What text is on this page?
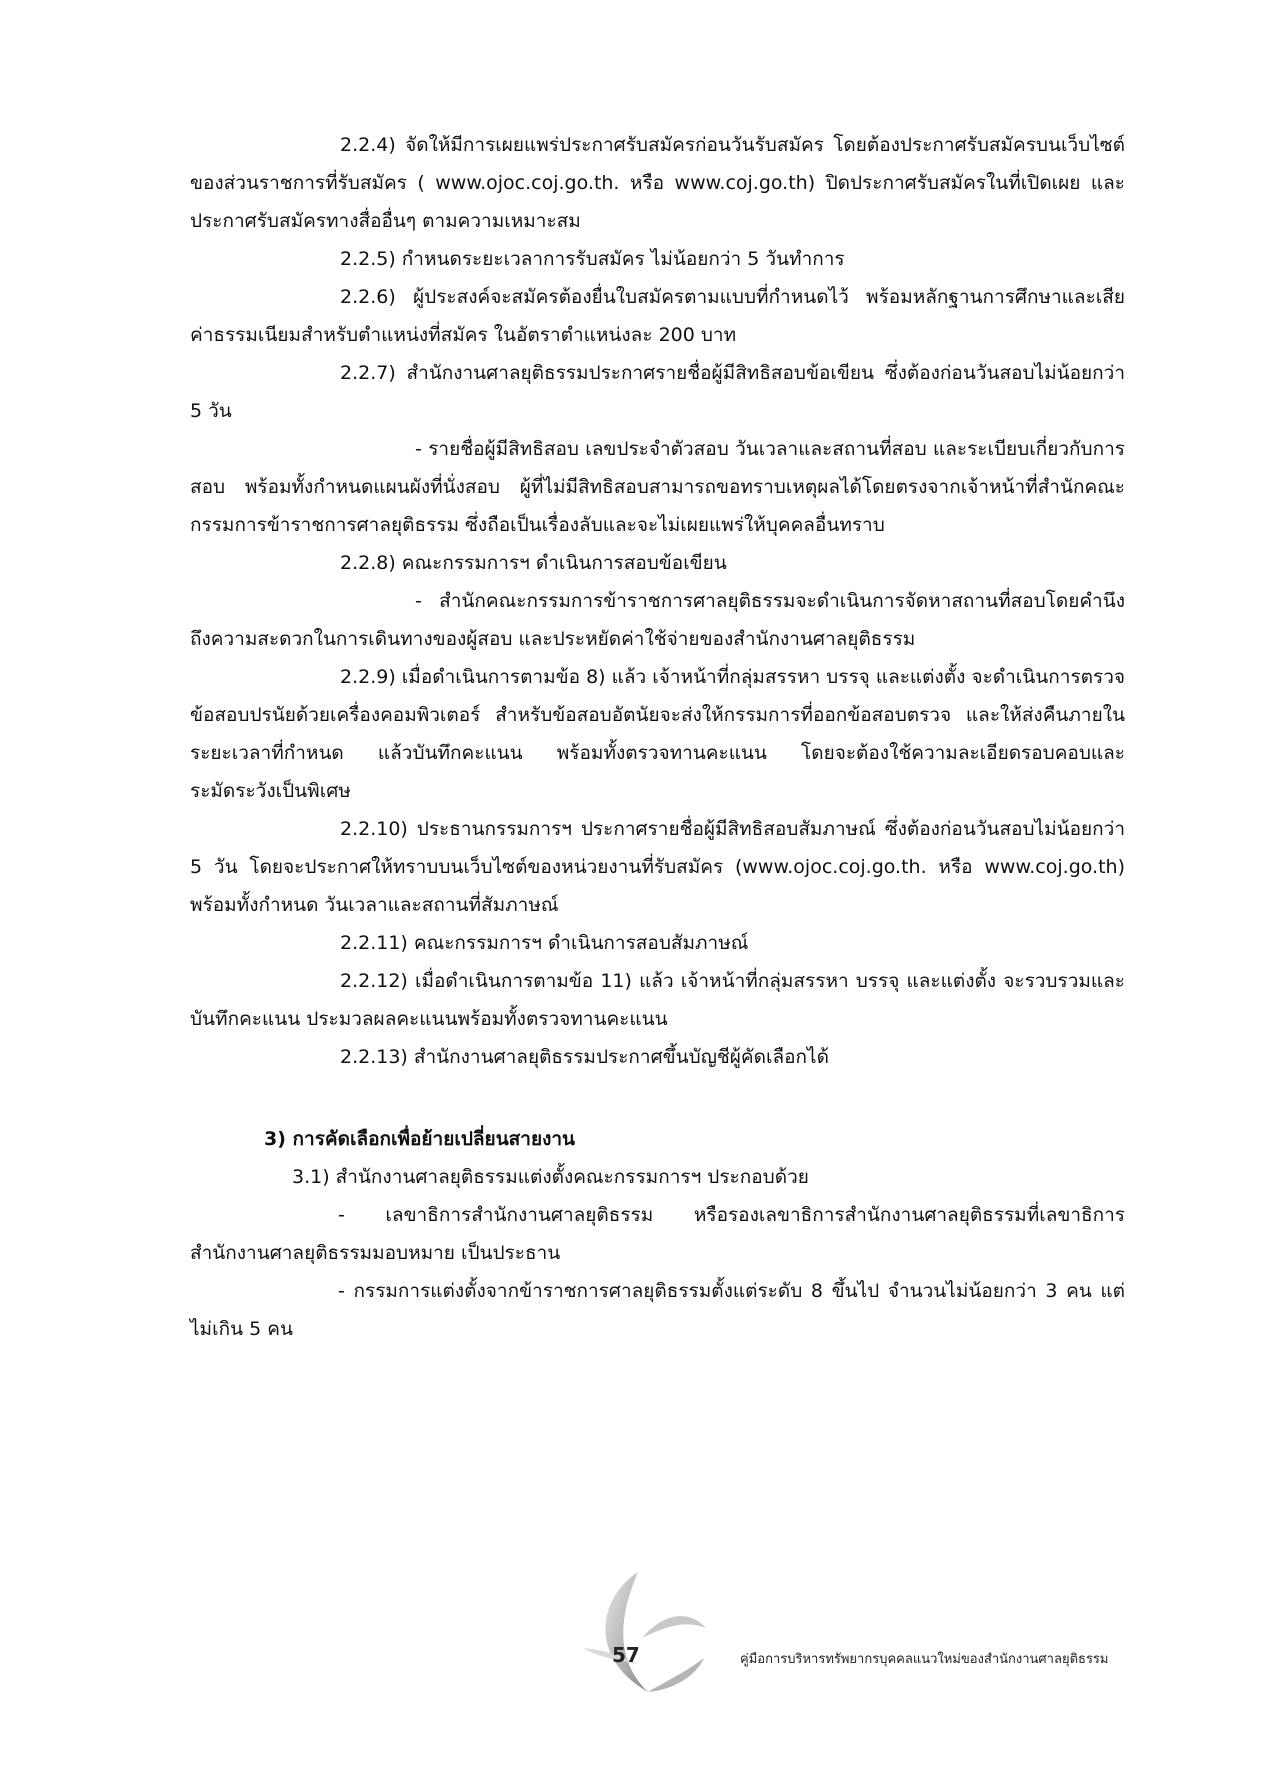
2.2.4) จัดให้มีการเผยแพร่ประกาศรับสมัครก่อนวันรับสมัคร โดยต้องประกาศรับสมัครบนเว็บไซต์ของส่วนราชการที่รับสมัคร ( www.ojoc.coj.go.th. หรือ www.coj.go.th) ปิดประกาศรับสมัครในที่เปิดเผย และประกาศรับสมัครทางสื่ออื่นๆ ตามความเหมาะสม

2.2.5) กำหนดระยะเวลาการรับสมัคร ไม่น้อยกว่า 5 วันทำการ

2.2.6) ผู้ประสงค์จะสมัครต้องยื่นใบสมัครตามแบบที่กำหนดไว้ พร้อมหลักฐานการศึกษาและเสียค่าธรรมเนียมสำหรับตำแหน่งที่สมัคร ในอัตราตำแหน่งละ 200 บาท

2.2.7) สำนักงานศาลยุติธรรมประกาศรายชื่อผู้มีสิทธิสอบข้อเขียน ซึ่งต้องก่อนวันสอบไม่น้อยกว่า 5 วัน

- รายชื่อผู้มีสิทธิสอบ เลขประจำตัวสอบ วันเวลาและสถานที่สอบ และระเบียบเกี่ยวกับการสอบ พร้อมทั้งกำหนดแผนผังที่นั่งสอบ ผู้ที่ไม่มีสิทธิสอบสามารถขอทราบเหตุผลได้โดยตรงจากเจ้าหน้าที่สำนักคณะกรรมการข้าราชการศาลยุติธรรม ซึ่งถือเป็นเรื่องลับและจะไม่เผยแพร่ให้บุคคลอื่นทราบ

2.2.8) คณะกรรมการฯ ดำเนินการสอบข้อเขียน

- สำนักคณะกรรมการข้าราชการศาลยุติธรรมจะดำเนินการจัดหาสถานที่สอบโดยคำนึงถึงความสะดวกในการเดินทางของผู้สอบ และประหยัดค่าใช้จ่ายของสำนักงานศาลยุติธรรม

2.2.9) เมื่อดำเนินการตามข้อ 8) แล้ว เจ้าหน้าที่กลุ่มสรรหา บรรจุ และแต่งตั้ง จะดำเนินการตรวจข้อสอบปรนัยด้วยเครื่องคอมพิวเตอร์ สำหรับข้อสอบอัตนัยจะส่งให้กรรมการที่ออกข้อสอบตรวจ และให้ส่งคืนภายในระยะเวลาที่กำหนด แล้วบันทึกคะแนน พร้อมทั้งตรวจทานคะแนน โดยจะต้องใช้ความละเอียดรอบคอบและระมัดระวังเป็นพิเศษ

2.2.10) ประธานกรรมการฯ ประกาศรายชื่อผู้มีสิทธิสอบสัมภาษณ์ ซึ่งต้องก่อนวันสอบไม่น้อยกว่า 5 วัน โดยจะประกาศให้ทราบบนเว็บไซต์ของหน่วยงานที่รับสมัคร (www.ojoc.coj.go.th. หรือ www.coj.go.th) พร้อมทั้งกำหนด วันเวลาและสถานที่สัมภาษณ์

2.2.11) คณะกรรมการฯ ดำเนินการสอบสัมภาษณ์

2.2.12) เมื่อดำเนินการตามข้อ 11) แล้ว เจ้าหน้าที่กลุ่มสรรหา บรรจุ และแต่งตั้ง จะรวบรวมและบันทึกคะแนน ประมวลผลคะแนนพร้อมทั้งตรวจทานคะแนน

2.2.13) สำนักงานศาลยุติธรรมประกาศขึ้นบัญชีผู้คัดเลือกได้

3) การคัดเลือกเพื่อย้ายเปลี่ยนสายงาน

3.1) สำนักงานศาลยุติธรรมแต่งตั้งคณะกรรมการฯ ประกอบด้วย

- เลขาธิการสำนักงานศาลยุติธรรม หรือรองเลขาธิการสำนักงานศาลยุติธรรมที่เลขาธิการสำนักงานศาลยุติธรรมมอบหมาย เป็นประธาน

- กรรมการแต่งตั้งจากข้าราชการศาลยุติธรรมตั้งแต่ระดับ 8 ขึ้นไป จำนวนไม่น้อยกว่า 3 คน แต่ไม่เกิน 5 คน

57	คู่มือการบริหารทรัพยากรบุคคลแนวใหม่ของสำนักงานศาลยุติธรรม
